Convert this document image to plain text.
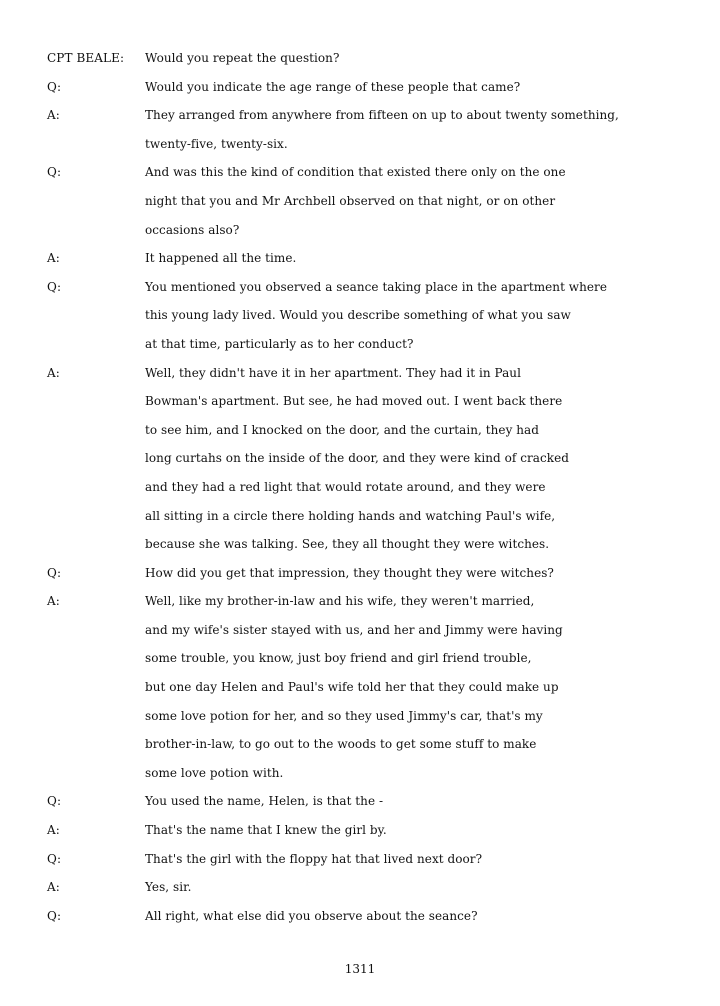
CPT BEALE:	Would you repeat the question?
Q:	Would you indicate the age range of these people that came?
A:	They arranged from anywhere from fifteen on up to about twenty something,
twenty-five, twenty-six.
Q:	And was this the kind of condition that existed there only on the one
night that you and Mr Archbell observed on that night, or on other
occasions also?
A:	It happened all the time.
Q:	You mentioned you observed a seance taking place in the apartment where
this young lady lived. Would you describe something of what you saw
at that time, particularly as to her conduct?
A:	Well, they didn't have it in her apartment. They had it in Paul
Bowman's apartment. But see, he had moved out. I went back there
to see him, and I knocked on the door, and the curtain, they had
long curtahs on the inside of the door, and they were kind of cracked
and they had a red light that would rotate around, and they were
all sitting in a circle there holding hands and watching Paul's wife,
because she was talking. See, they all thought they were witches.
Q:	How did you get that impression, they thought they were witches?
A:	Well, like my brother-in-law and his wife, they weren't married,
and my wife's sister stayed with us, and her and Jimmy were having
some trouble, you know, just boy friend and girl friend trouble,
but one day Helen and Paul's wife told her that they could make up
some love potion for her, and so they used Jimmy's car, that's my
brother-in-law, to go out to the woods to get some stuff to make
some love potion with.
Q:	You used the name, Helen, is that the -
A:	That's the name that I knew the girl by.
Q:	That's the girl with the floppy hat that lived next door?
A:	Yes, sir.
Q:	All right, what else did you observe about the seance?
1311
